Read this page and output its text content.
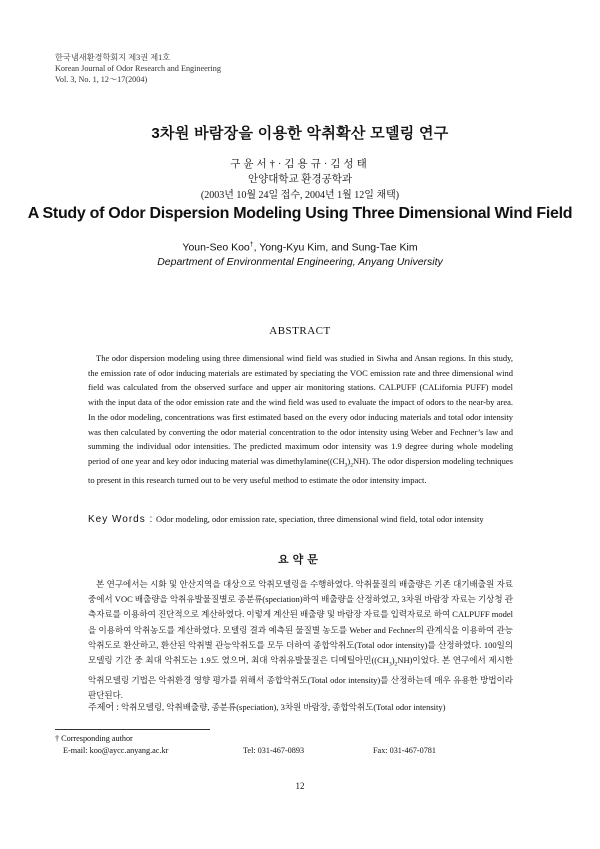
한국냄새환경학회지 제3권 제1호
Korean Journal of Odor Research and Engineering
Vol. 3, No. 1, 12～17(2004)
3차원 바람장을 이용한 악취확산 모델링 연구
구윤서†·김용규·김성태
안양대학교 환경공학과
(2003년 10월 24일 접수, 2004년 1월 12일 채택)
A Study of Odor Dispersion Modeling Using Three Dimensional Wind Field
Youn-Seo Koo†, Yong-Kyu Kim, and Sung-Tae Kim
Department of Environmental Engineering, Anyang University
ABSTRACT
The odor dispersion modeling using three dimensional wind field was studied in Siwha and Ansan regions. In this study, the emission rate of odor inducing materials are estimated by speciating the VOC emission rate and three dimensional wind field was calculated from the observed surface and upper air monitoring stations. CALPUFF (CALifornia PUFF) model with the input data of the odor emission rate and the wind field was used to evaluate the impact of odors to the near-by area. In the odor modeling, concentrations was first estimated based on the every odor inducing materials and total odor intensity was then calculated by converting the odor material concentration to the odor intensity using Weber and Fechner’s law and summing the individual odor intensities. The predicted maximum odor intensity was 1.9 degree during whole modeling period of one year and key odor inducing material was $dimethylamine((CH_3)_2NH)$. The odor dispersion modeling techniques to present in this research turned out to be very useful method to estimate the odor intensity impact.
Key Words : Odor modeling, odor emission rate, speciation, three dimensional wind field, total odor intensity
요약문
본 연구에서는 시화 및 안산지역을 대상으로 악취모델링을 수행하였다. 악취물질의 배출량은 기존 대기배출원 자료중에서 VOC 배출량을 악취유발물질별로 종분류(speciation)하여 배출량을 산정하였고, 3차원 바람장 자료는 기상청 관측자료를 이용하여 진단적으로 계산하였다. 이렇게 계산된 배출량 및 바람장 자료를 입력자료로 하여 CALPUFF model을 이용하여 악취농도를 계산하였다. 모델링 결과 예측된 물질별 농도를 Weber and Fechner의 관계식을 이용하여 관능악취도로 환산하고, 환산된 악취별 관능악취도를 모두 더하여 종합악취도(Total odor intensity)를 산정하였다. 100일의 모델링 기간 중 최대 악취도는 1.9도 였으며, 최대 악취유발물질은 디메틸아민$((CH_3)_2NH)$이었다. 본 연구에서 제시한 악취모델링 기법은 악취환경 영향 평가를 위해서 종합악취도(Total odor intensity)를 산정하는데 매우 유용한 방법이라 판단된다.
주제어 : 악취모델링, 악취배출량, 종분류(speciation), 3차원 바람장, 종합악취도(Total odor intensity)
† Corresponding author
E-mail: koo@aycc.anyang.ac.kr	Tel: 031-467-0893	Fax: 031-467-0781
12
